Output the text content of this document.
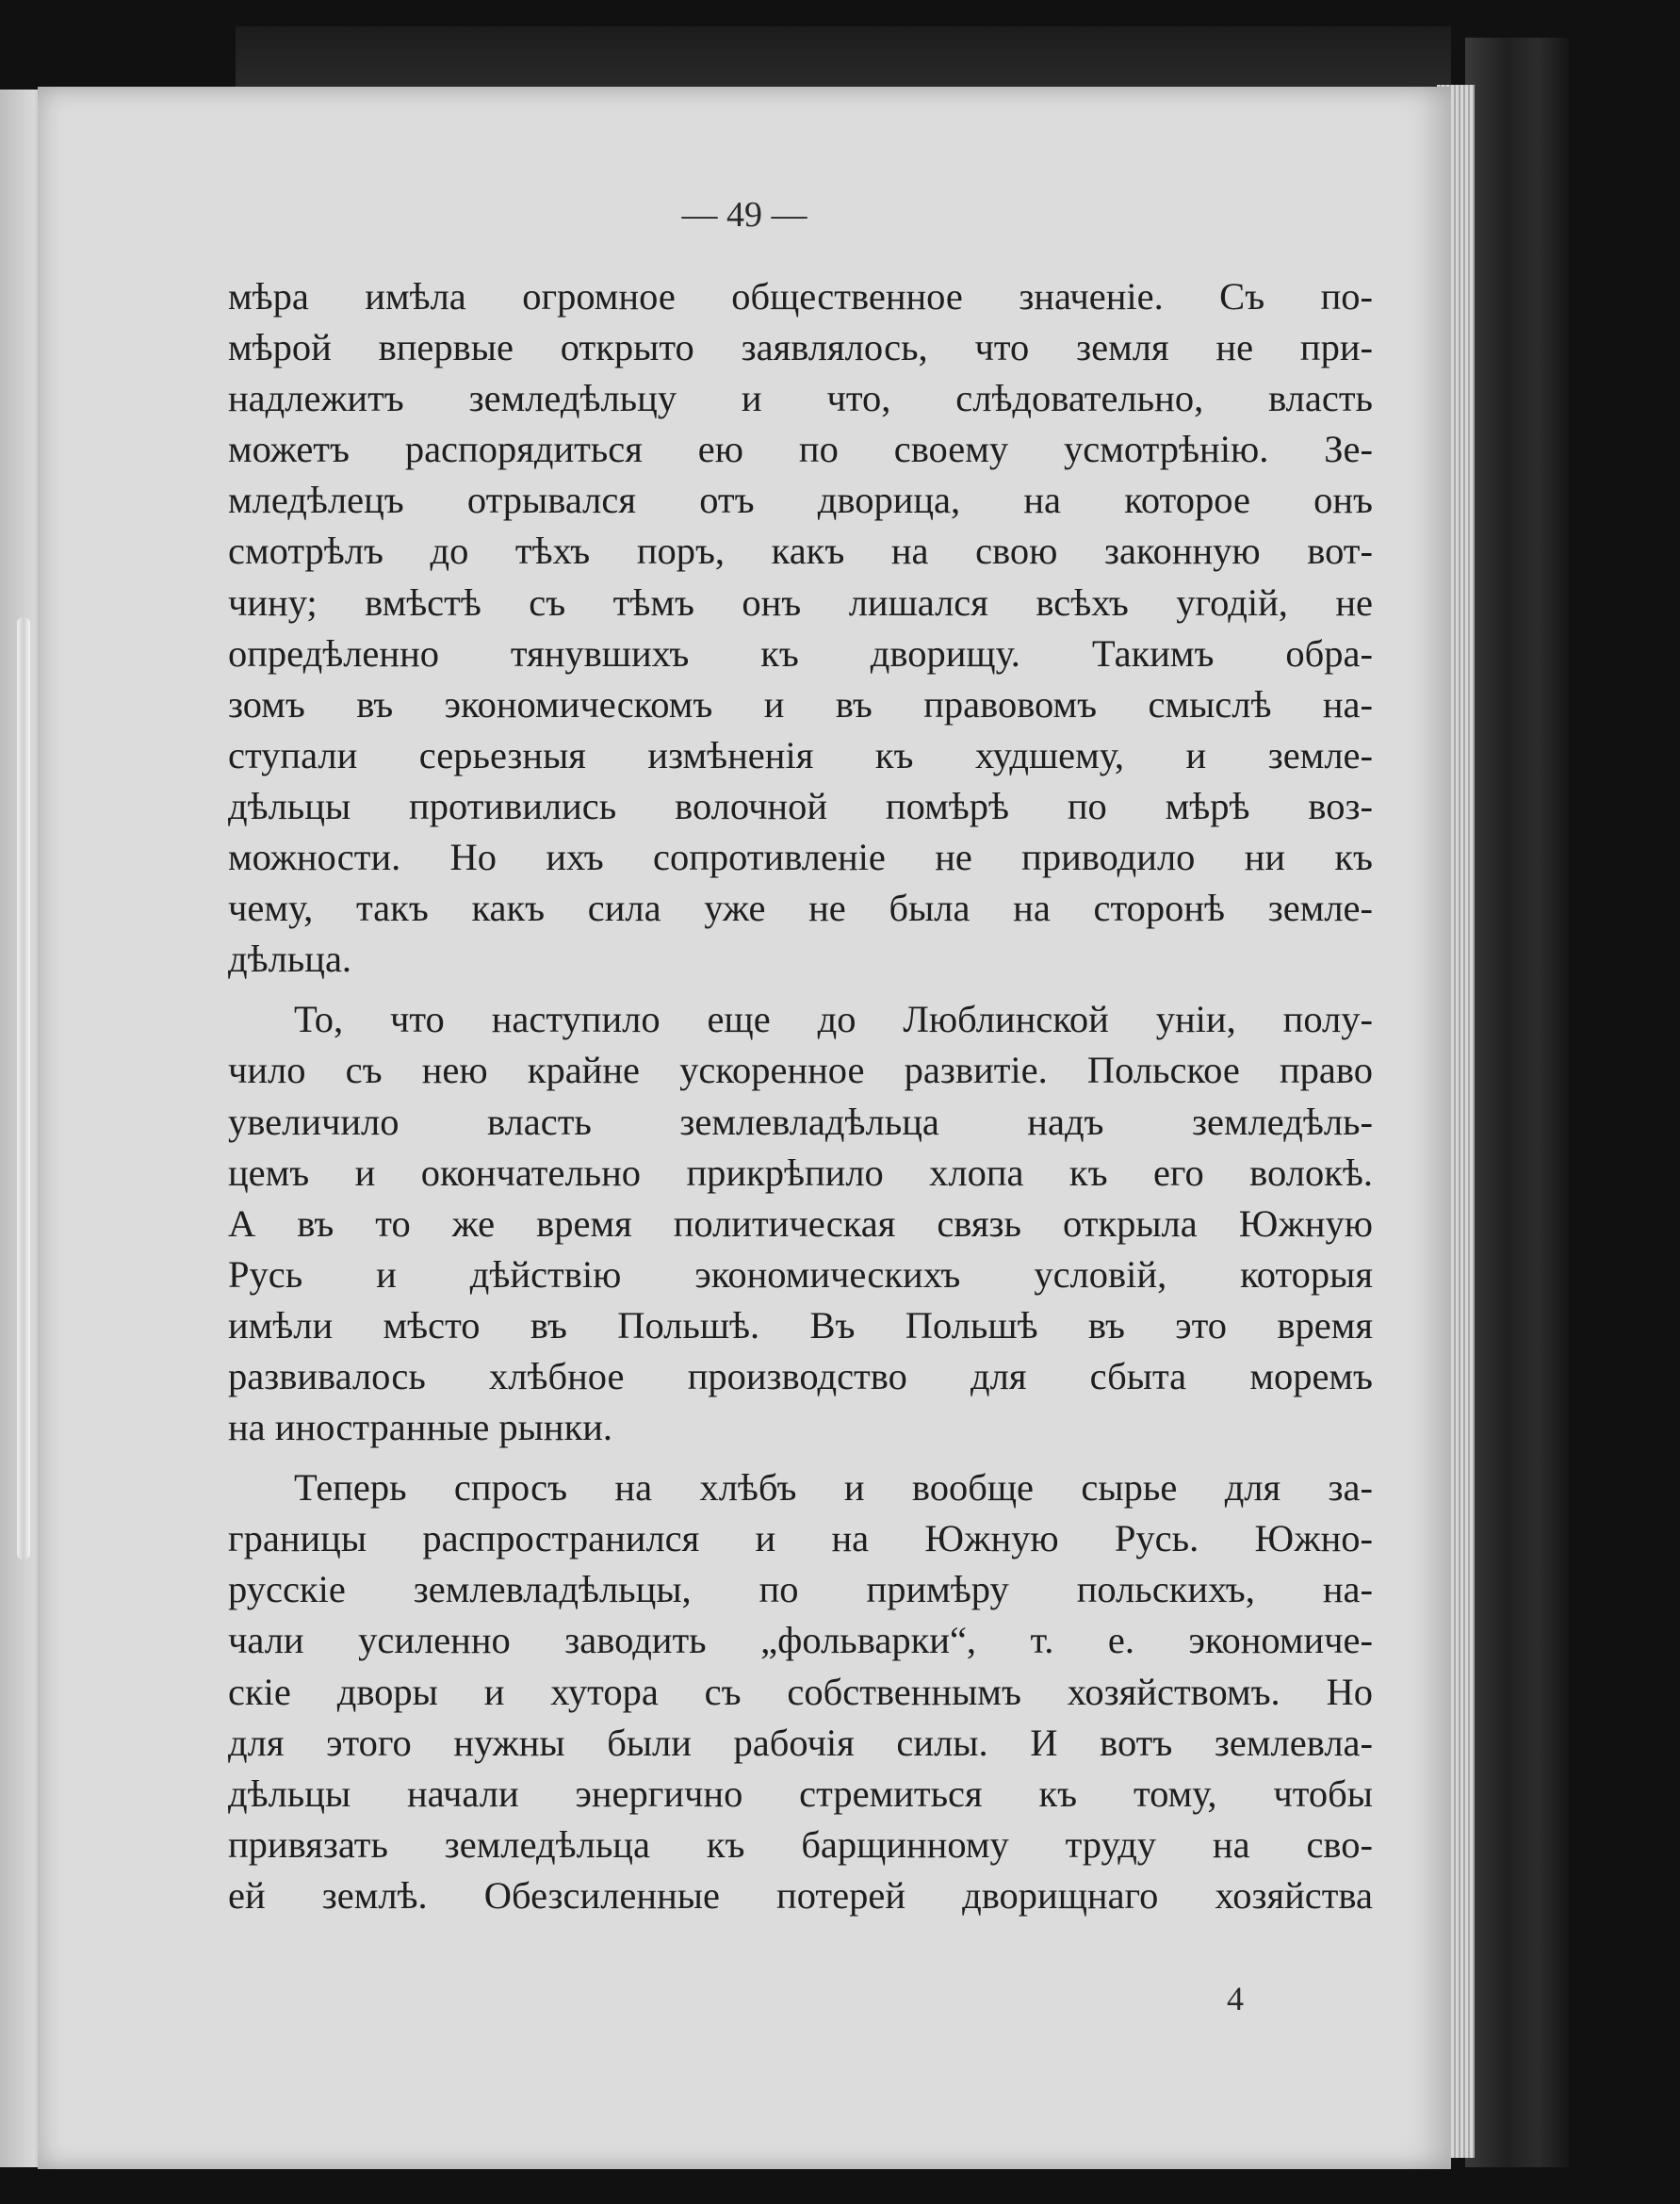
— 49 —
мѣра имѣла огромное общественное значеніе. Съ по-
мѣрой впервые открыто заявлялось, что земля не при-
надлежитъ земледѣльцу и что, слѣдовательно, власть
можетъ распорядиться ею по своему усмотрѣнію. Зе-
мледѣлецъ отрывался отъ дворица, на которое онъ
смотрѣлъ до тѣхъ поръ, какъ на свою законную вот-
чину; вмѣстѣ съ тѣмъ онъ лишался всѣхъ угодій, не
опредѣленно тянувшихъ къ дворищу. Такимъ обра-
зомъ въ экономическомъ и въ правовомъ смыслѣ на-
ступали серьезныя измѣненія къ худшему, и земле-
дѣльцы противились волочной помѣрѣ по мѣрѣ воз-
можности. Но ихъ сопротивленіе не приводило ни къ
чему, такъ какъ сила уже не была на сторонѣ земле-
дѣльца.
То, что наступило еще до Люблинской уніи, полу-
чило съ нею крайне ускоренное развитіе. Польское право
увеличило власть землевладѣльца надъ земледѣль-
цемъ и окончательно прикрѣпило хлопа къ его волокѣ.
А въ то же время политическая связь открыла Южную
Русь и дѣйствію экономическихъ условій, которыя
имѣли мѣсто въ Польшѣ. Въ Польшѣ въ это время
развивалось хлѣбное производство для сбыта моремъ
на иностранные рынки.
Теперь спросъ на хлѣбъ и вообще сырье для за-
границы распространился и на Южную Русь. Южно-
русскіе землевладѣльцы, по примѣру польскихъ, на-
чали усиленно заводить „фольварки“, т. е. экономиче-
скіе дворы и хутора съ собственнымъ хозяйствомъ. Но
для этого нужны были рабочія силы. И вотъ землевла-
дѣльцы начали энергично стремиться къ тому, чтобы
привязать земледѣльца къ барщинному труду на сво-
ей землѣ. Обезсиленные потерей дворищнаго хозяйства
4
